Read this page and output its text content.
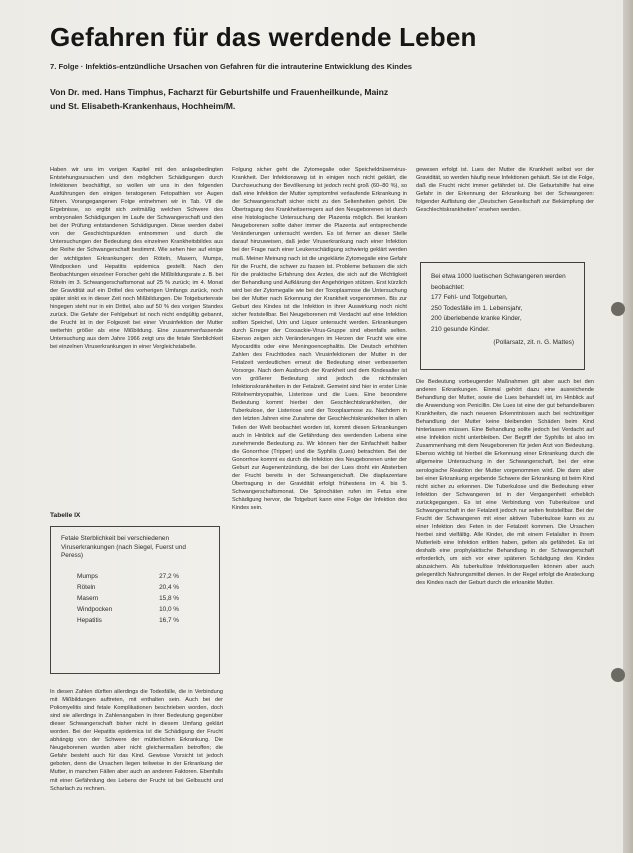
Gefahren für das werdende Leben
7. Folge · Infektiös-entzündliche Ursachen von Gefahren für die intrauterine Entwicklung des Kindes
Von Dr. med. Hans Timphus, Facharzt für Geburtshilfe und Frauenheilkunde, Mainz
und St. Elisabeth-Krankenhaus, Hochheim/M.

Haben wir uns im vorigen Kapitel mit den anlagebedingten Entstehungsursachen und den möglichen Schädigungen durch Infektionen beschäftigt, so wollen wir uns in den folgenden Ausführungen den einigen teratogenen Fetopathien vor Augen führen. Vorangegangenen Folge entnehmen wir in Tab. VII die Ergebnisse, so ergibt sich zeitmäßig welchen Schwere des embryonalen Schädigungen im Laufe der Schwangerschaft und den bei der Prüfung entstandenen Schädigungen. Diese werden dabei von der Geschichtspunkten entnommen und durch die Untersuchungen der Bedeutung des einzelnen Krankheitsbildes aus der Reihe der Schwangerschaft bestimmt. Wie sehen hier auf einige der wichtigsten Erkrankungen: den Röteln, Masern, Mumps, Windpocken und Hepatitis epidemica gestellt. Nach den Beobachtungen einzelner Forscher geht die Mißbildungsrate z. B. bei Röteln im 3. Schwangerschaftsmonat auf 25 % zurück; im 4. Monat der Gravidität auf ein Drittel des vorherigen Umfangs zurück, noch später sinkt es in dieser Zeit noch Mißbildungen. Die Totgeburtenrate hingegen steht nur in ein Drittel, also auf 50 % des vorigen Standes zurück. Die Gefahr der Fehlgeburt ist noch nicht endgültig gebannt, die Frucht ist in der Folgezeit bei einer Virusinfektion der Mutter weiterhin größer als eine Mißbildung. Eine zusammenfassende Untersuchung aus dem Jahre 1966 zeigt uns die fetale Sterblichkeit bei einzelnen Viruserkrankungen in einer Vergleichstabelle.

Tabelle IX
Fetale Sterblichkeit bei verschiedenen Viruserkrankungen (nach Siegel, Fuerst und Peress)
Mumps	27,2 %
Röteln	20,4 %
Masern	15,8 %
Windpocken	10,0 %
Hepatitis	16,7 %

In diesen Zahlen dürften allerdings die Todesfälle, die in Verbindung mit Mißbildungen auftreten, mit enthalten sein. Auch bei der Poliomyelitis sind fetale Komplikationen beschrieben worden, doch sind sie allerdings in Zahlenangaben in ihrer Bedeutung gegenüber dieser Schwangerschaft bisher nicht in diesem Umfang geklärt worden. Bei der Hepatitis epidemica ist die Schädigung der Frucht abhängig von der Schwere der mütterlichen Erkrankung. Die Neugeborenen wurden aber nicht gleichermaßen betroffen; die Gefahr besteht auch für das Kind. Gewisse Vorsicht ist jedoch geboten, denn die Ursachen liegen teilweise in der Erkrankung der Mutter, in manchen Fällen aber auch an anderen Faktoren. Ebenfalls mit einer Gefährdung des Lebens der Frucht ist bei Gelbsucht und Scharlach zu rechnen.

Folgung sicher geht die Zytomegalie oder Speicheldrüsenvirus-Krankheit. Der Infektionsweg ist in einigen noch nicht geklärt, die Durchseuchung der Bevölkerung ist jedoch recht groß (60–80 %), so daß eine Infektion der Mutter symptomfrei verlaufende Erkrankung in der Schwangerschaft sicher nicht zu den Seltenheiten gehört. Die Übertragung des Krankheitserregers auf den Neugeborenen ist durch eine histologische Untersuchung der Plazenta möglich. Bei kranken Neugeborenen sollte daher immer die Plazenta auf entsprechende Veränderungen untersucht werden. Es ist ferner an dieser Stelle darauf hinzuweisen, daß jeder Viruserkrankung nach einer Infektion bei der Frage nach einer Leukenschädigung schwierig geklärt werden muß. Meiner Meinung nach ist die ungeklärte Zytomegalie eine Gefahr für die Frucht, die schwer zu fassen ist. Probleme befassen die sich für die praktische Erfahrung des Arztes, die sich auf die Wichtigkeit der Behandlung und Aufklärung der Angehörigen stützen. Erst kürzlich wird bei der Zytomegalie wie bei der Toxoplasmose die Untersuchung bei der Mutter nach Erkennung der Krankheit vorgenommen. Bis zur Geburt des Kindes ist die Infektion in ihrer Auswirkung noch nicht sicher feststellbar. Bei Neugeborenen mit Verdacht auf eine Infektion sollten Speichel, Urin und Liquor untersucht werden. Erkrankungen durch Erreger der Coxsackie-Virus-Gruppe sind ebenfalls selten. Ebenso zeigen sich Veränderungen im Herzen der Frucht wie eine Myocarditis oder eine Meningoencephalitis. Die Deutsch erhöhten Zahlen des Fruchttodes nach Virusinfektionen der Mutter in der Fetalzeit verdeutlichen erneut die Bedeutung einer verbesserten Vorsorge. Nach dem Ausbruch der Krankheit und dem Kindesalter ist von größerer Bedeutung sind jedoch die nichtviralen Infektionskrankheiten in der Fetalzeit. Gemeint sind hier in erster Linie Rötelnembryopathie, Listeriose und die Lues. Eine besondere Bedeutung kommt hierbei den Geschlechtskrankheiten, der Tuberkulose, der Listeriose und der Toxoplasmose zu. Nachdem in den letzten Jahren eine Zunahme der Geschlechtskrankheiten in allen Teilen der Welt beobachtet worden ist, kommt diesen Erkrankungen auch in Hinblick auf die Gefährdung des werdenden Lebens eine zunehmende Bedeutung zu. Wir können hier der Einfachheit halber die Gonorrhoe (Tripper) und die Syphilis (Lues) betrachten. Bei der Gonorrhoe kommt es durch die Infektion des Neugeborenen unter der Geburt zur Augenentzündung, die bei der Lues droht ein Absterben der Frucht bereits in der Schwangerschaft. Die diaplazentare Übertragung in der Gravidität erfolgt frühestens im 4. bis 5. Schwangerschaftsmonat. Die Spirochäten rufen im Fetus eine Schädigung hervor, die Totgeburt kann eine Folge der Infektion des Kindes sein.

gewesen erfolgt ist. Lues der Mutter die Krankheit selbst vor der Gravidität, so werden häufig neue Infektionen gehäuft. Sie ist die Folge, daß die Frucht nicht immer gefährdet ist. Die Geburtshilfe hat eine Gefahr in der Erkennung der Erkrankung bei der Schwangeren: folgender Auflistung der „Deutschen Gesellschaft zur Bekämpfung der Geschlechtskrankheiten“ ersehen werden.

Bei etwa 1000 luetischen Schwangeren werden beobachtet:
177 Fehl- und Totgeburten,
250 Todesfälle im 1. Lebensjahr,
200 überlebende kranke Kinder,
210 gesunde Kinder.
(Pollarsatz, zit. n. G. Mattes)

Die Bedeutung vorbeugender Maßnahmen gilt aber auch bei den anderen Erkrankungen. Einmal gehört dazu eine ausreichende Behandlung der Mutter, sowie die Lues behandelt ist, im Hinblick auf die Anwendung von Penicillin. Die Lues ist eine der gut behandelbaren Krankheiten, die nach neueren Erkenntnissen auch bei rechtzeitiger Behandlung der Mutter keine bleibenden Schäden beim Kind hinterlassen müssen. Eine Behandlung sollte jedoch bei Verdacht auf eine Infektion nicht unterbleiben. Der Begriff der Syphilis ist also im Zusammenhang mit dem Neugeborenen für jeden Arzt von Bedeutung. Ebenso wichtig ist hierbei die Erkennung einer Erkrankung durch die allgemeine Untersuchung in der Schwangerschaft, bei der eine serologische Reaktion der Mutter vorgenommen wird. Die dann aber bei einer Erkrankung ergebende Schwere der Erkrankung ist beim Kind nicht sicher zu erkennen. Die Tuberkulose und die Bedeutung einer Infektion der Schwangeren ist in der Vergangenheit erheblich zurückgegangen. Es ist eine Verbindung von Tuberkulose und Schwangerschaft in der Fetalzeit jedoch nur selten feststellbar. Bei der Frucht der Schwangeren mit einer aktiven Tuberkulose kann es zu einer Infektion des Feten in der Fetalzeit kommen. Die Ursachen hierbei sind vielfältig. Alle Kinder, die mit einem Fetalalter in ihrem Mutterleib eine Infektion erlitten haben, gelten als gefährdet. Es ist deshalb eine prophylaktische Behandlung in der Schwangerschaft erforderlich, um sich vor einer späteren Schädigung des Kindes abzusichern. Als tuberkulöse Infektionsquellen können aber auch gelegentlich Nahrungsmittel dienen. In der Regel erfolgt die Ansteckung des Kindes nach der Geburt durch die erkrankte Mutter.
